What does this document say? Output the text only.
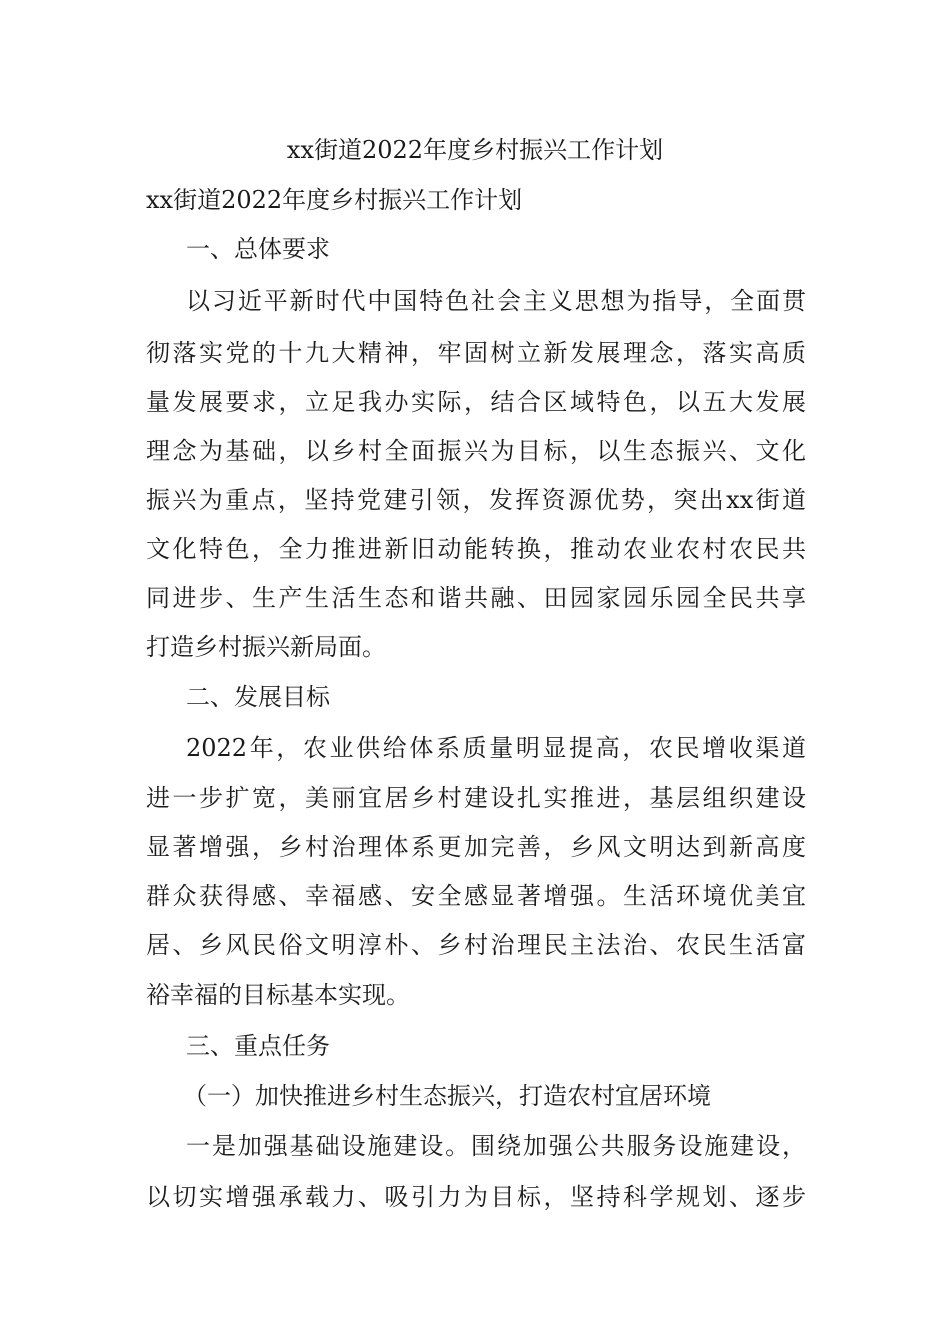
xx街道2022年度乡村振兴工作计划
xx街道2022年度乡村振兴工作计划
一、总体要求
以习近平新时代中国特色社会主义思想为指导，全面贯
彻落实党的十九大精神，牢固树立新发展理念，落实高质
量发展要求，立足我办实际，结合区域特色，以五大发展
理念为基础，以乡村全面振兴为目标，以生态振兴、文化
振兴为重点，坚持党建引领，发挥资源优势，突出xx街道
文化特色，全力推进新旧动能转换，推动农业农村农民共
同进步、生产生活生态和谐共融、田园家园乐园全民共享
打造乡村振兴新局面。
二、发展目标
2022年，农业供给体系质量明显提高，农民增收渠道
进一步扩宽，美丽宜居乡村建设扎实推进，基层组织建设
显著增强，乡村治理体系更加完善，乡风文明达到新高度
群众获得感、幸福感、安全感显著增强。生活环境优美宜
居、乡风民俗文明淳朴、乡村治理民主法治、农民生活富
裕幸福的目标基本实现。
三、重点任务
（一）加快推进乡村生态振兴，打造农村宜居环境
一是加强基础设施建设。围绕加强公共服务设施建设，
以切实增强承载力、吸引力为目标，坚持科学规划、逐步
